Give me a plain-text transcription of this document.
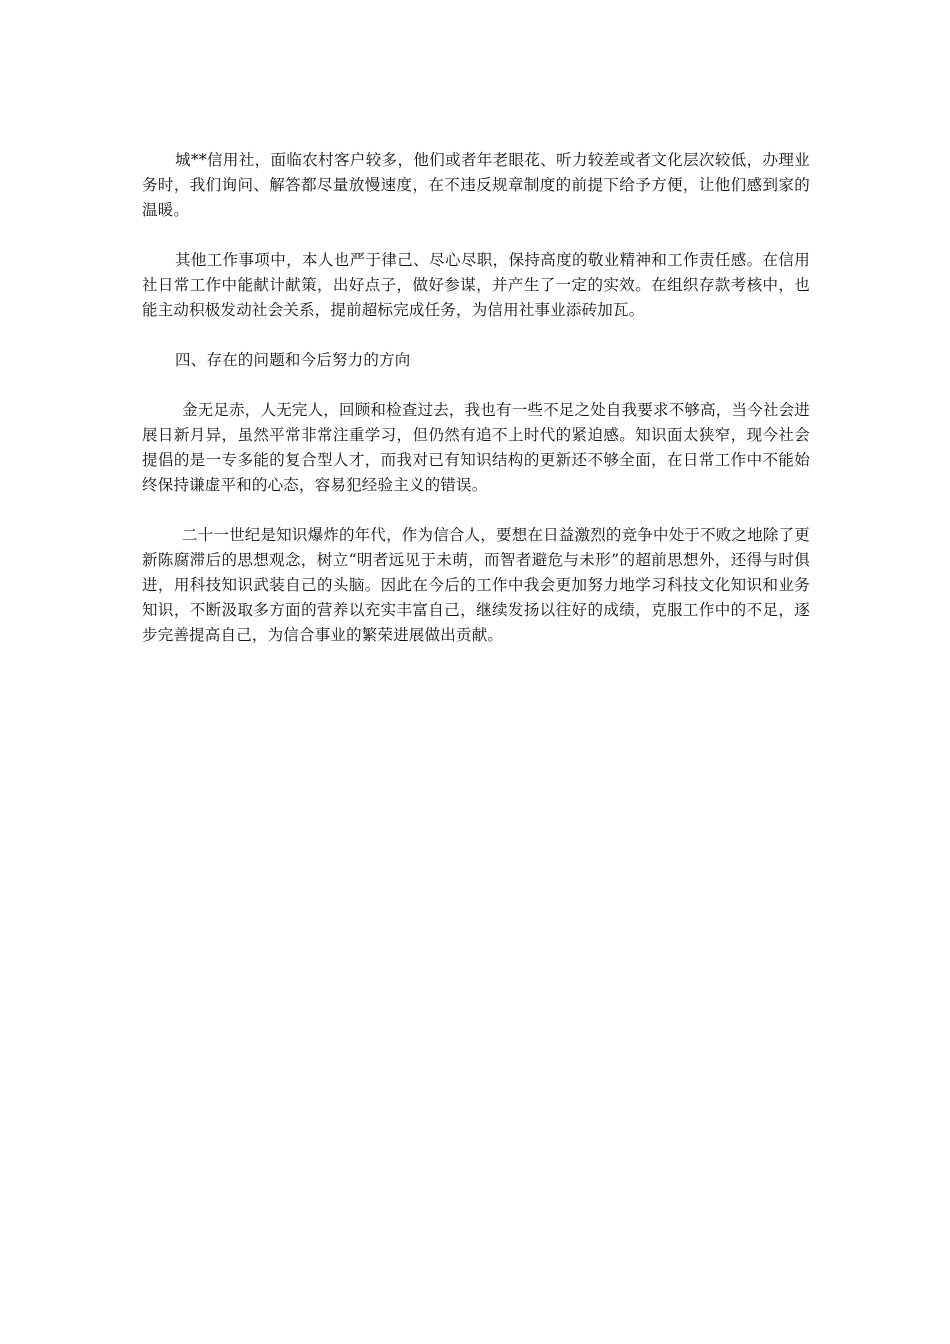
城**信用社，面临农村客户较多，他们或者年老眼花、听力较差或者文化层次较低，办理业务时，我们询问、解答都尽量放慢速度，在不违反规章制度的前提下给予方便，让他们感到家的温暖。

其他工作事项中，本人也严于律己、尽心尽职，保持高度的敬业精神和工作责任感。在信用社日常工作中能献计献策，出好点子，做好参谋，并产生了一定的实效。在组织存款考核中，也能主动积极发动社会关系，提前超标完成任务，为信用社事业添砖加瓦。

四、存在的问题和今后努力的方向

金无足赤，人无完人，回顾和检查过去，我也有一些不足之处自我要求不够高，当今社会进展日新月异，虽然平常非常注重学习，但仍然有追不上时代的紧迫感。知识面太狭窄，现今社会提倡的是一专多能的复合型人才，而我对已有知识结构的更新还不够全面，在日常工作中不能始终保持谦虚平和的心态，容易犯经验主义的错误。

二十一世纪是知识爆炸的年代，作为信合人，要想在日益激烈的竞争中处于不败之地除了更新陈腐滞后的思想观念，树立“明者远见于未萌，而智者避危与未形”的超前思想外，还得与时俱进，用科技知识武装自己的头脑。因此在今后的工作中我会更加努力地学习科技文化知识和业务知识，不断汲取多方面的营养以充实丰富自己，继续发扬以往好的成绩，克服工作中的不足，逐步完善提高自己，为信合事业的繁荣进展做出贡献。
